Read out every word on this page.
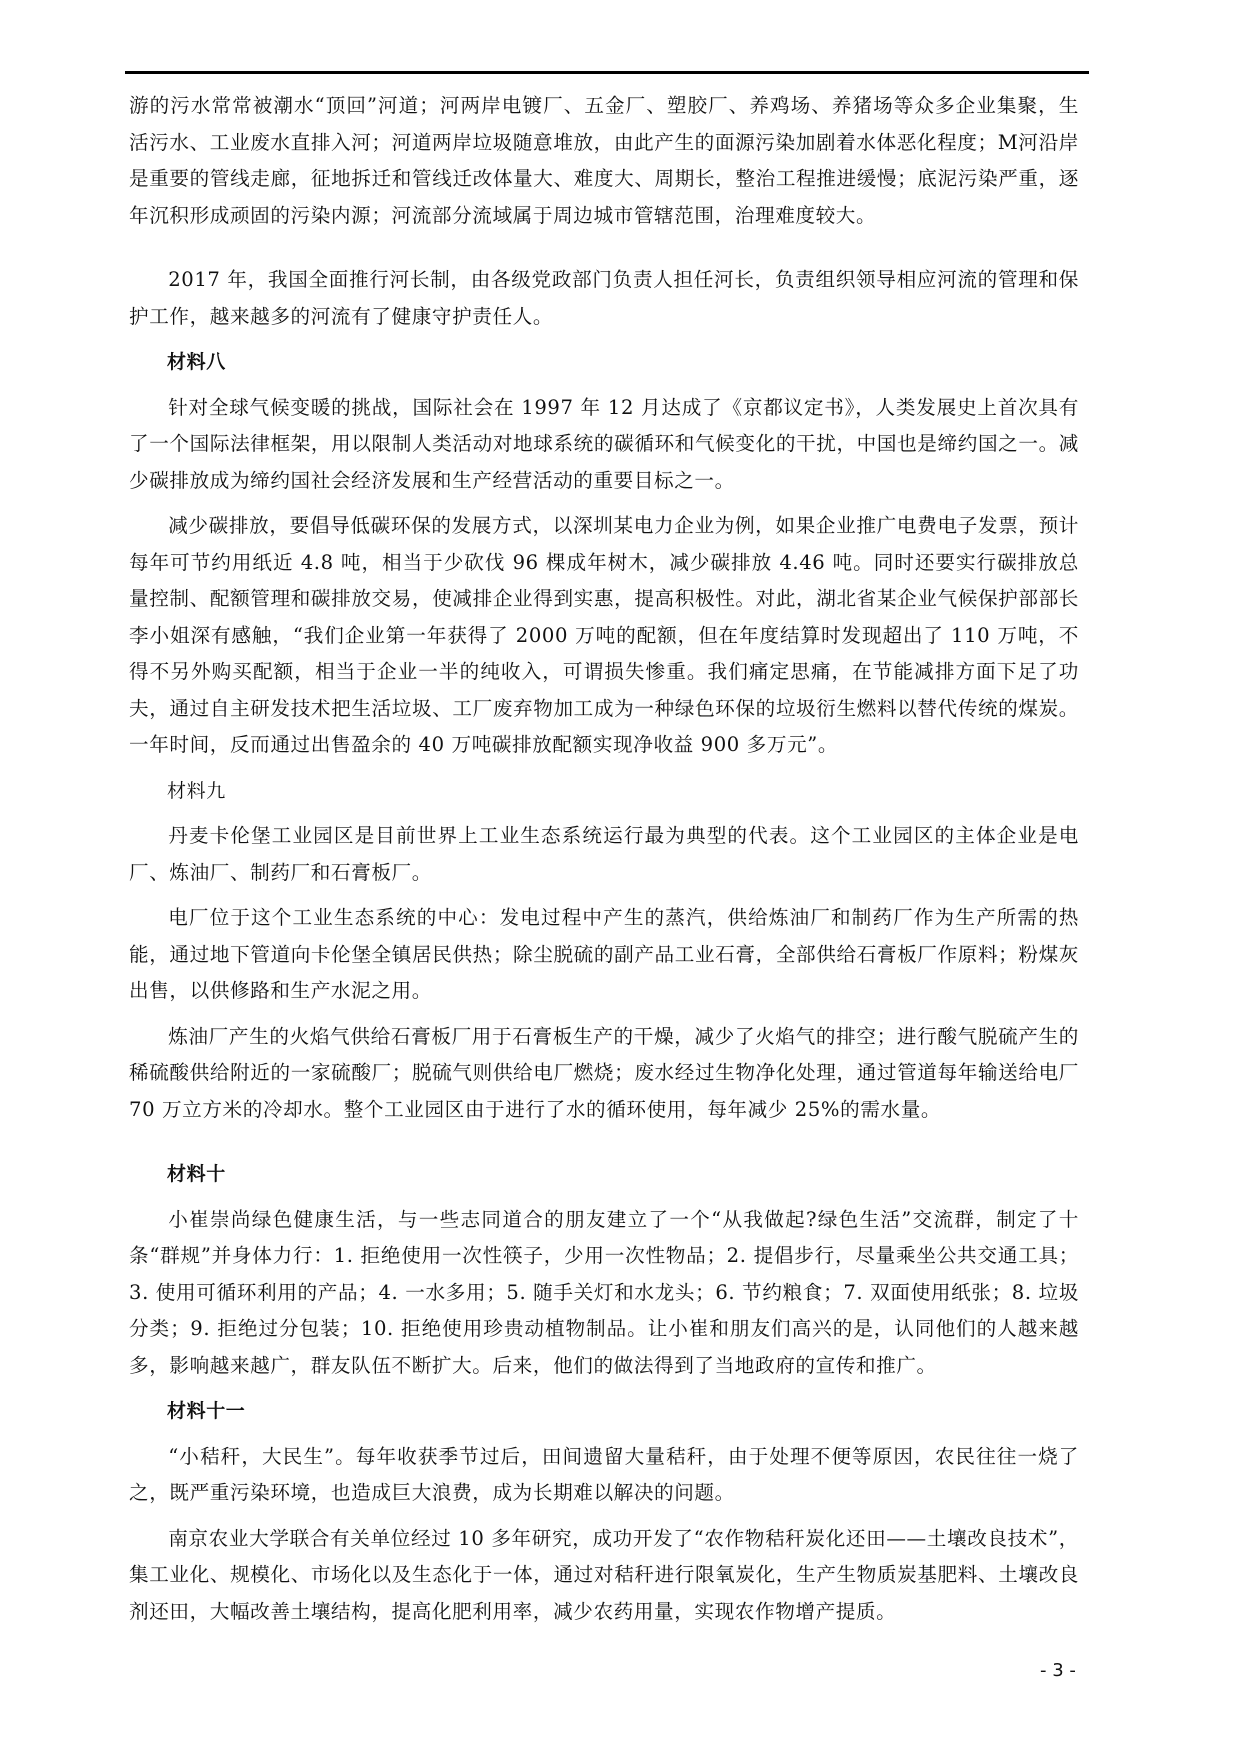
游的污水常常被潮水“顶回”河道；河两岸电镀厂、五金厂、塑胶厂、养鸡场、养猪场等众多企业集聚，生活污水、工业废水直排入河；河道两岸垃圾随意堆放，由此产生的面源污染加剧着水体恶化程度；M河沿岸是重要的管线走廊，征地拆迁和管线迁改体量大、难度大、周期长，整治工程推进缓慢；底泥污染严重，逐年沉积形成顽固的污染内源；河流部分流域属于周边城市管辖范围，治理难度较大。

2017 年，我国全面推行河长制，由各级党政部门负责人担任河长，负责组织领导相应河流的管理和保护工作，越来越多的河流有了健康守护责任人。

材料八

针对全球气候变暖的挑战，国际社会在 1997 年 12 月达成了《京都议定书》，人类发展史上首次具有了一个国际法律框架，用以限制人类活动对地球系统的碳循环和气候变化的干扰，中国也是缔约国之一。减少碳排放成为缔约国社会经济发展和生产经营活动的重要目标之一。

减少碳排放，要倡导低碳环保的发展方式，以深圳某电力企业为例，如果企业推广电费电子发票，预计每年可节约用纸近 4.8 吨，相当于少砍伐 96 棵成年树木，减少碳排放 4.46 吨。同时还要实行碳排放总量控制、配额管理和碳排放交易，使减排企业得到实惠，提高积极性。对此，湖北省某企业气候保护部部长李小姐深有感触，“我们企业第一年获得了 2000 万吨的配额，但在年度结算时发现超出了 110 万吨，不得不另外购买配额，相当于企业一半的纯收入，可谓损失惨重。我们痛定思痛，在节能减排方面下足了功夫，通过自主研发技术把生活垃圾、工厂废弃物加工成为一种绿色环保的垃圾衍生燃料以替代传统的煤炭。一年时间，反而通过出售盈余的 40 万吨碳排放配额实现净收益 900 多万元”。

材料九

丹麦卡伦堡工业园区是目前世界上工业生态系统运行最为典型的代表。这个工业园区的主体企业是电厂、炼油厂、制药厂和石膏板厂。

电厂位于这个工业生态系统的中心：发电过程中产生的蒸汽，供给炼油厂和制药厂作为生产所需的热能，通过地下管道向卡伦堡全镇居民供热；除尘脱硫的副产品工业石膏，全部供给石膏板厂作原料；粉煤灰出售，以供修路和生产水泥之用。

炼油厂产生的火焰气供给石膏板厂用于石膏板生产的干燥，减少了火焰气的排空；进行酸气脱硫产生的稀硫酸供给附近的一家硫酸厂；脱硫气则供给电厂燃烧；废水经过生物净化处理，通过管道每年输送给电厂 70 万立方米的冷却水。整个工业园区由于进行了水的循环使用，每年减少 25%的需水量。

材料十

小崔崇尚绿色健康生活，与一些志同道合的朋友建立了一个“从我做起?绿色生活”交流群，制定了十条“群规”并身体力行：1. 拒绝使用一次性筷子，少用一次性物品；2. 提倡步行，尽量乘坐公共交通工具；3. 使用可循环利用的产品；4. 一水多用；5. 随手关灯和水龙头；6. 节约粮食；7. 双面使用纸张；8. 垃圾分类；9. 拒绝过分包装；10. 拒绝使用珍贵动植物制品。让小崔和朋友们高兴的是，认同他们的人越来越多，影响越来越广，群友队伍不断扩大。后来，他们的做法得到了当地政府的宣传和推广。

材料十一

“小秸秆，大民生”。每年收获季节过后，田间遗留大量秸秆，由于处理不便等原因，农民往往一烧了之，既严重污染环境，也造成巨大浪费，成为长期难以解决的问题。

南京农业大学联合有关单位经过 10 多年研究，成功开发了“农作物秸秆炭化还田——土壤改良技术”，集工业化、规模化、市场化以及生态化于一体，通过对秸秆进行限氧炭化，生产生物质炭基肥料、土壤改良剂还田，大幅改善土壤结构，提高化肥利用率，减少农药用量，实现农作物增产提质。

- 3 -
